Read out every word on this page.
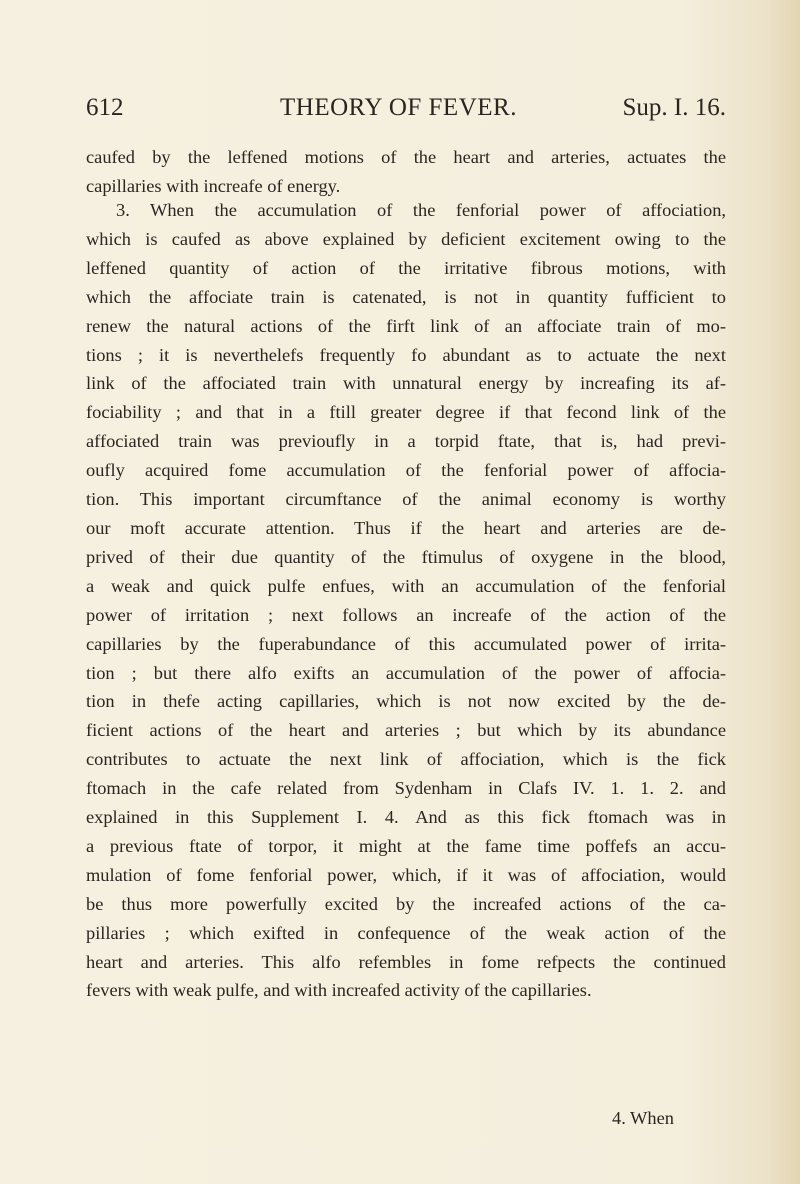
612	THEORY OF FEVER.	Sup. I. 16.

caufed by the leffened motions of the heart and arteries, actuates the
capillaries with increafe of energy.

3. When the accumulation of the fenforial power of affociation,
which is caufed as above explained by deficient excitement owing to the
leffened quantity of action of the irritative fibrous motions, with
which the affociate train is catenated, is not in quantity fufficient to
renew the natural actions of the firft link of an affociate train of mo-
tions ; it is neverthelefs frequently fo abundant as to actuate the next
link of the affociated train with unnatural energy by increafing its af-
fociability ; and that in a ftill greater degree if that fecond link of the
affociated train was previoufly in a torpid ftate, that is, had previ-
oufly acquired fome accumulation of the fenforial power of affocia-
tion. This important circumftance of the animal economy is worthy
our moft accurate attention. Thus if the heart and arteries are de-
prived of their due quantity of the ftimulus of oxygene in the blood,
a weak and quick pulfe enfues, with an accumulation of the fenforial
power of irritation ; next follows an increafe of the action of the
capillaries by the fuperabundance of this accumulated power of irrita-
tion ; but there alfo exifts an accumulation of the power of affocia-
tion in thefe acting capillaries, which is not now excited by the de-
ficient actions of the heart and arteries ; but which by its abundance
contributes to actuate the next link of affociation, which is the fick
ftomach in the cafe related from Sydenham in Clafs IV. 1. 1. 2. and
explained in this Supplement I. 4. And as this fick ftomach was in
a previous ftate of torpor, it might at the fame time poffefs an accu-
mulation of fome fenforial power, which, if it was of affociation, would
be thus more powerfully excited by the increafed actions of the ca-
pillaries ; which exifted in confequence of the weak action of the
heart and arteries. This alfo refembles in fome refpects the continued
fevers with weak pulfe, and with increafed activity of the capillaries.

4. When
